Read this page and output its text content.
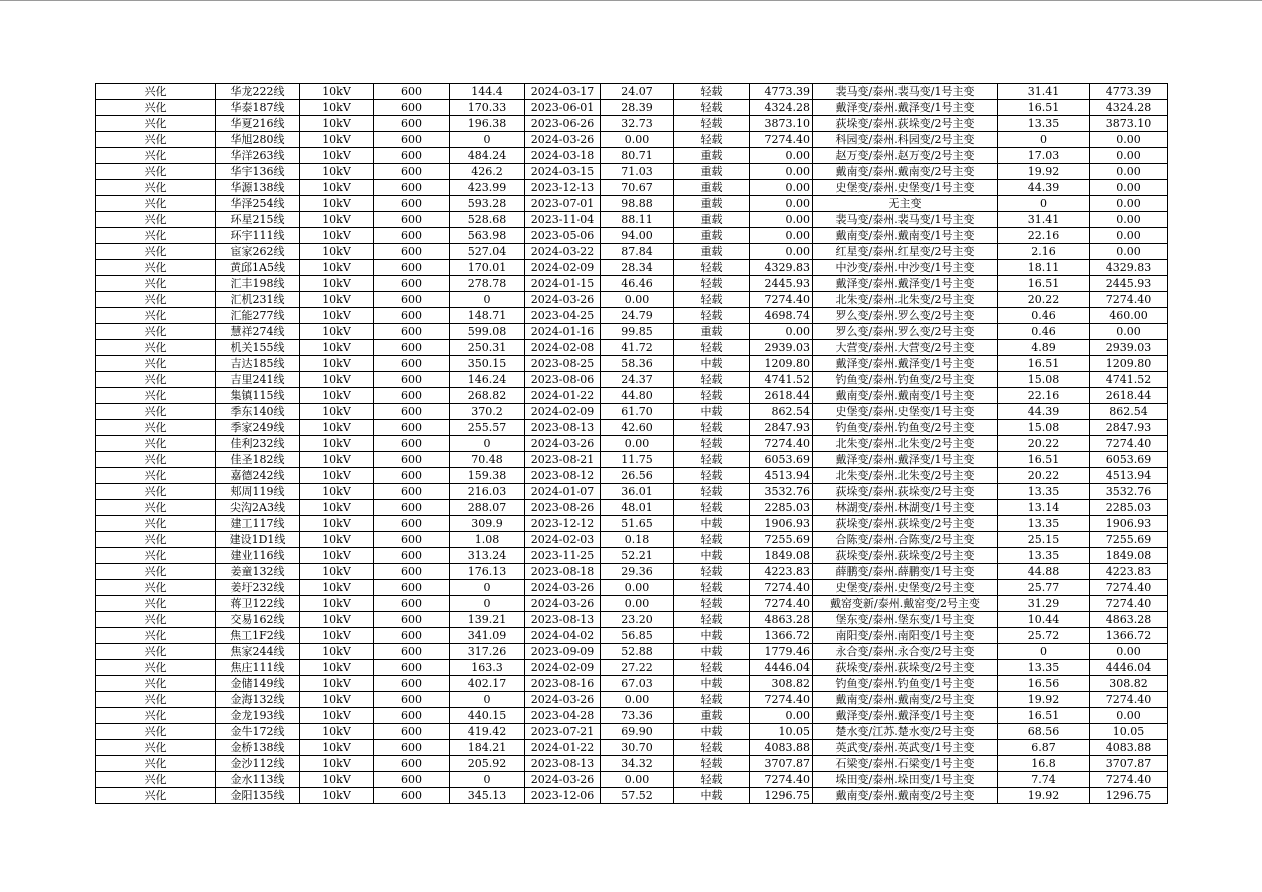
兴化	华龙222线	10kV	600	144.4	2024-03-17	24.07	轻载	4773.39	裴马变/泰州.裴马变/1号主变	31.41	4773.39
兴化	华泰187线	10kV	600	170.33	2023-06-01	28.39	轻载	4324.28	戴泽变/泰州.戴泽变/1号主变	16.51	4324.28
兴化	华夏216线	10kV	600	196.38	2023-06-26	32.73	轻载	3873.10	荻垛变/泰州.荻垛变/2号主变	13.35	3873.10
兴化	华旭280线	10kV	600	0	2024-03-26	0.00	轻载	7274.40	科园变/泰州.科园变/2号主变	0	0.00
兴化	华洋263线	10kV	600	484.24	2024-03-18	80.71	重载	0.00	赵万变/泰州.赵万变/2号主变	17.03	0.00
兴化	华宇136线	10kV	600	426.2	2024-03-15	71.03	重载	0.00	戴南变/泰州.戴南变/2号主变	19.92	0.00
兴化	华源138线	10kV	600	423.99	2023-12-13	70.67	重载	0.00	史堡变/泰州.史堡变/1号主变	44.39	0.00
兴化	华泽254线	10kV	600	593.28	2023-07-01	98.88	重载	0.00	无主变	0	0.00
兴化	环星215线	10kV	600	528.68	2023-11-04	88.11	重载	0.00	裴马变/泰州.裴马变/1号主变	31.41	0.00
兴化	环宇111线	10kV	600	563.98	2023-05-06	94.00	重载	0.00	戴南变/泰州.戴南变/1号主变	22.16	0.00
兴化	宦家262线	10kV	600	527.04	2024-03-22	87.84	重载	0.00	红星变/泰州.红星变/2号主变	2.16	0.00
兴化	黄邱1A5线	10kV	600	170.01	2024-02-09	28.34	轻载	4329.83	中沙变/泰州.中沙变/1号主变	18.11	4329.83
兴化	汇丰198线	10kV	600	278.78	2024-01-15	46.46	轻载	2445.93	戴泽变/泰州.戴泽变/1号主变	16.51	2445.93
兴化	汇机231线	10kV	600	0	2024-03-26	0.00	轻载	7274.40	北朱变/泰州.北朱变/2号主变	20.22	7274.40
兴化	汇能277线	10kV	600	148.71	2023-04-25	24.79	轻载	4698.74	罗么变/泰州.罗么变/2号主变	0.46	460.00
兴化	慧祥274线	10kV	600	599.08	2024-01-16	99.85	重载	0.00	罗么变/泰州.罗么变/2号主变	0.46	0.00
兴化	机关155线	10kV	600	250.31	2024-02-08	41.72	轻载	2939.03	大营变/泰州.大营变/2号主变	4.89	2939.03
兴化	吉达185线	10kV	600	350.15	2023-08-25	58.36	中载	1209.80	戴泽变/泰州.戴泽变/1号主变	16.51	1209.80
兴化	吉里241线	10kV	600	146.24	2023-08-06	24.37	轻载	4741.52	钓鱼变/泰州.钓鱼变/2号主变	15.08	4741.52
兴化	集镇115线	10kV	600	268.82	2024-01-22	44.80	轻载	2618.44	戴南变/泰州.戴南变/1号主变	22.16	2618.44
兴化	季东140线	10kV	600	370.2	2024-02-09	61.70	中载	862.54	史堡变/泰州.史堡变/1号主变	44.39	862.54
兴化	季家249线	10kV	600	255.57	2023-08-13	42.60	轻载	2847.93	钓鱼变/泰州.钓鱼变/2号主变	15.08	2847.93
兴化	佳利232线	10kV	600	0	2024-03-26	0.00	轻载	7274.40	北朱变/泰州.北朱变/2号主变	20.22	7274.40
兴化	佳圣182线	10kV	600	70.48	2023-08-21	11.75	轻载	6053.69	戴泽变/泰州.戴泽变/1号主变	16.51	6053.69
兴化	嘉德242线	10kV	600	159.38	2023-08-12	26.56	轻载	4513.94	北朱变/泰州.北朱变/2号主变	20.22	4513.94
兴化	郏周119线	10kV	600	216.03	2024-01-07	36.01	轻载	3532.76	荻垛变/泰州.荻垛变/2号主变	13.35	3532.76
兴化	尖沟2A3线	10kV	600	288.07	2023-08-26	48.01	轻载	2285.03	林湖变/泰州.林湖变/1号主变	13.14	2285.03
兴化	建工117线	10kV	600	309.9	2023-12-12	51.65	中载	1906.93	荻垛变/泰州.荻垛变/2号主变	13.35	1906.93
兴化	建设1D1线	10kV	600	1.08	2024-02-03	0.18	轻载	7255.69	合陈变/泰州.合陈变/2号主变	25.15	7255.69
兴化	建业116线	10kV	600	313.24	2023-11-25	52.21	中载	1849.08	荻垛变/泰州.荻垛变/2号主变	13.35	1849.08
兴化	姜童132线	10kV	600	176.13	2023-08-18	29.36	轻载	4223.83	薛鹏变/泰州.薛鹏变/1号主变	44.88	4223.83
兴化	姜圩232线	10kV	600	0	2024-03-26	0.00	轻载	7274.40	史堡变/泰州.史堡变/2号主变	25.77	7274.40
兴化	蒋卫122线	10kV	600	0	2024-03-26	0.00	轻载	7274.40	戴窑变新/泰州.戴窑变/2号主变	31.29	7274.40
兴化	交易162线	10kV	600	139.21	2023-08-13	23.20	轻载	4863.28	堡东变/泰州.堡东变/1号主变	10.44	4863.28
兴化	焦工1F2线	10kV	600	341.09	2024-04-02	56.85	中载	1366.72	南阳变/泰州.南阳变/1号主变	25.72	1366.72
兴化	焦家244线	10kV	600	317.26	2023-09-09	52.88	中载	1779.46	永合变/泰州.永合变/2号主变	0	0.00
兴化	焦庄111线	10kV	600	163.3	2024-02-09	27.22	轻载	4446.04	荻垛变/泰州.荻垛变/2号主变	13.35	4446.04
兴化	金储149线	10kV	600	402.17	2023-08-16	67.03	中载	308.82	钓鱼变/泰州.钓鱼变/1号主变	16.56	308.82
兴化	金海132线	10kV	600	0	2024-03-26	0.00	轻载	7274.40	戴南变/泰州.戴南变/2号主变	19.92	7274.40
兴化	金龙193线	10kV	600	440.15	2023-04-28	73.36	重载	0.00	戴泽变/泰州.戴泽变/1号主变	16.51	0.00
兴化	金牛172线	10kV	600	419.42	2023-07-21	69.90	中载	10.05	楚水变/江苏.楚水变/2号主变	68.56	10.05
兴化	金桥138线	10kV	600	184.21	2024-01-22	30.70	轻载	4083.88	英武变/泰州.英武变/1号主变	6.87	4083.88
兴化	金沙112线	10kV	600	205.92	2023-08-13	34.32	轻载	3707.87	石梁变/泰州.石梁变/1号主变	16.8	3707.87
兴化	金水113线	10kV	600	0	2024-03-26	0.00	轻载	7274.40	垛田变/泰州.垛田变/1号主变	7.74	7274.40
兴化	金阳135线	10kV	600	345.13	2023-12-06	57.52	中载	1296.75	戴南变/泰州.戴南变/2号主变	19.92	1296.75
